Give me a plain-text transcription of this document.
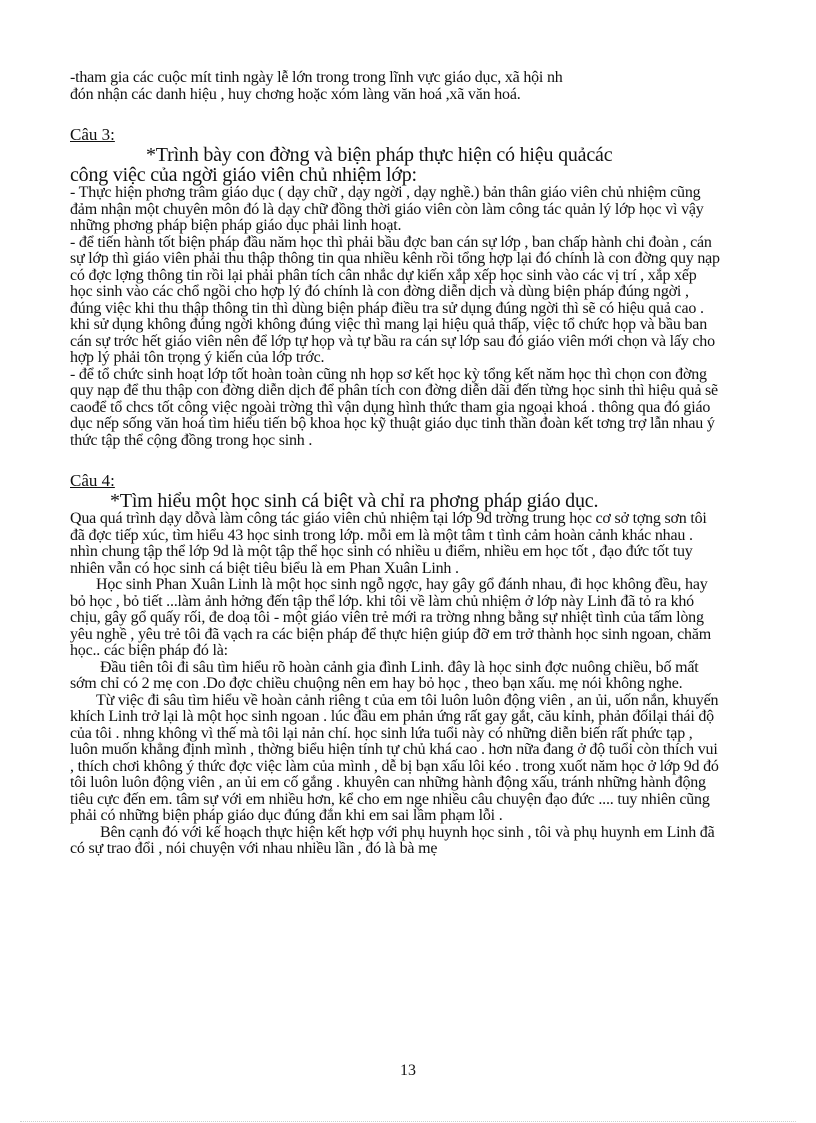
-tham gia các cuộc mít tinh ngày lễ lớn trong trong lĩnh vực giáo dục, xã hội nh

đón nhận các danh hiệu , huy chơng hoặc xóm làng văn hoá ,xã văn hoá.

Câu 3:

*Trình bày con đờng và biện pháp thực hiện có hiệu quảcác

công việc của ngời giáo viên chủ nhiệm lớp:

- Thực hiện phơng trâm giáo dục ( dạy chữ , dạy ngời , dạy nghề.) bản thân giáo viên chủ nhiệm cũng đảm nhận một chuyên môn đó là dạy chữ đồng thời giáo viên còn làm công tác quản lý lớp học vì vậy những phơng pháp biện pháp giáo dục phải linh hoạt.

- để tiến hành tốt biện pháp đầu năm học thì phải bầu đợc ban cán sự lớp , ban chấp hành chi đoàn , cán sự lớp thì giáo viên phải thu thập thông tin qua nhiều kênh rồi tổng hợp lại đó chính là con đờng quy nạp có đợc lợng thông tin rồi lại phải phân tích cân nhắc dự kiến xắp xếp học sinh vào các vị trí , xắp xếp học sinh vào các chổ ngồi cho hợp lý đó chính là con đờng diễn dịch và dùng biện pháp đúng ngời , đúng việc khi thu thập thông tin thì dùng biện pháp điều tra sử dụng đúng ngời thì sẽ có hiệu quả cao . khi sử dụng không đúng ngời không đúng việc thì mang lại hiệu quả thấp, việc tổ chức họp và bầu ban cán sự trớc hết giáo viên nên để lớp tự họp và tự bầu ra cán sự lớp sau đó giáo viên mới chọn và lấy cho hợp lý phải tôn trọng ý kiến của lớp trớc.

- để tổ chức sinh hoạt lớp tốt hoàn toàn cũng nh họp sơ kết học kỳ tổng kết năm học thì chọn con đờng quy nạp để thu thập con đờng diễn dịch để phân tích con đờng diễn dãi đến từng học sinh thì hiệu quả sẽ caođể tổ chcs tốt công việc ngoài trờng thì vận dụng hình thức tham gia ngoại khoá . thông qua đó giáo dục nếp sống văn hoá tìm hiểu tiến bộ khoa học kỹ thuật giáo dục tinh thần đoàn kết tơng trợ lẫn nhau ý thức tập thể cộng đồng trong học sinh .

Câu 4:

*Tìm hiểu một học sinh cá biệt và chỉ ra phơng pháp giáo dục.

Qua quá trình dạy dỗvà làm công tác giáo viên chủ nhiệm tại lớp 9d trờng trung học cơ sở tợng sơn tôi đã đợc tiếp xúc, tìm hiểu 43 học sinh trong lớp. mỗi em là một tâm t tình cảm hoàn cảnh khác nhau . nhìn chung tập thể lớp 9d là một tập thể học sinh có nhiều u điểm, nhiều em học tốt , đạo đức tốt tuy nhiên vẫn có học sinh cá biệt tiêu biểu là em Phan Xuân Linh .

Học sinh Phan Xuân Linh là một học sinh ngỗ ngợc, hay gây gổ đánh nhau, đi học không đều, hay bỏ học , bỏ tiết ...làm ảnh hởng đến tập thể lớp. khi tôi về làm chủ nhiệm ở lớp này Linh đã tỏ ra khó chịu, gây gổ quấy rối, đe doạ tôi - một giáo viên trẻ mới ra trờng nhng bằng sự nhiệt tình của tấm lòng yêu nghề , yêu trẻ tôi đã vạch ra các biện pháp để thực hiện giúp đỡ em trở thành học sinh ngoan, chăm học.. các biện pháp đó là:

Đầu tiên tôi đi sâu tìm hiểu rõ hoàn cảnh gia đình Linh. đây là học sinh đợc nuông chiều, bố mất sớm chỉ có 2 mẹ con .Do đợc chiều chuộng nên em hay bỏ học , theo bạn xấu. mẹ nói không nghe.

Từ việc đi sâu tìm hiểu về hoàn cảnh riêng t của em tôi luôn luôn động viên , an ủi, uốn nắn, khuyến khích Linh trở lại là một học sinh ngoan . lúc đầu em phản ứng rất gay gắt, cău kỉnh, phản đốilại thái độ của tôi . nhng không vì thế mà tôi lại nản chí. học sinh lứa tuổi này có những diễn biến rất phức tạp , luôn muốn khẳng định mình , thờng biểu hiện tính tự chủ khá cao . hơn nữa đang ở độ tuổi còn thích vui , thích chơi không ý thức đợc việc làm của mình , dễ bị bạn xấu lôi kéo . trong xuốt năm học ở lớp 9d đó tôi luôn luôn động viên , an ủi em cố gắng . khuyên can những hành động xấu, tránh những hành động tiêu cực đến em. tâm sự với em nhiều hơn, kể cho em nge nhiều câu chuyện đạo đức .... tuy nhiên cũng phải có những biện pháp giáo dục đúng đắn khi em sai lầm phạm lỗi .

Bên cạnh đó với kế hoạch thực hiện kết hợp với phụ huynh học sinh , tôi và phụ huynh em Linh đã có sự trao đổi , nói chuyện với nhau nhiều lần , đó là bà mẹ

13
